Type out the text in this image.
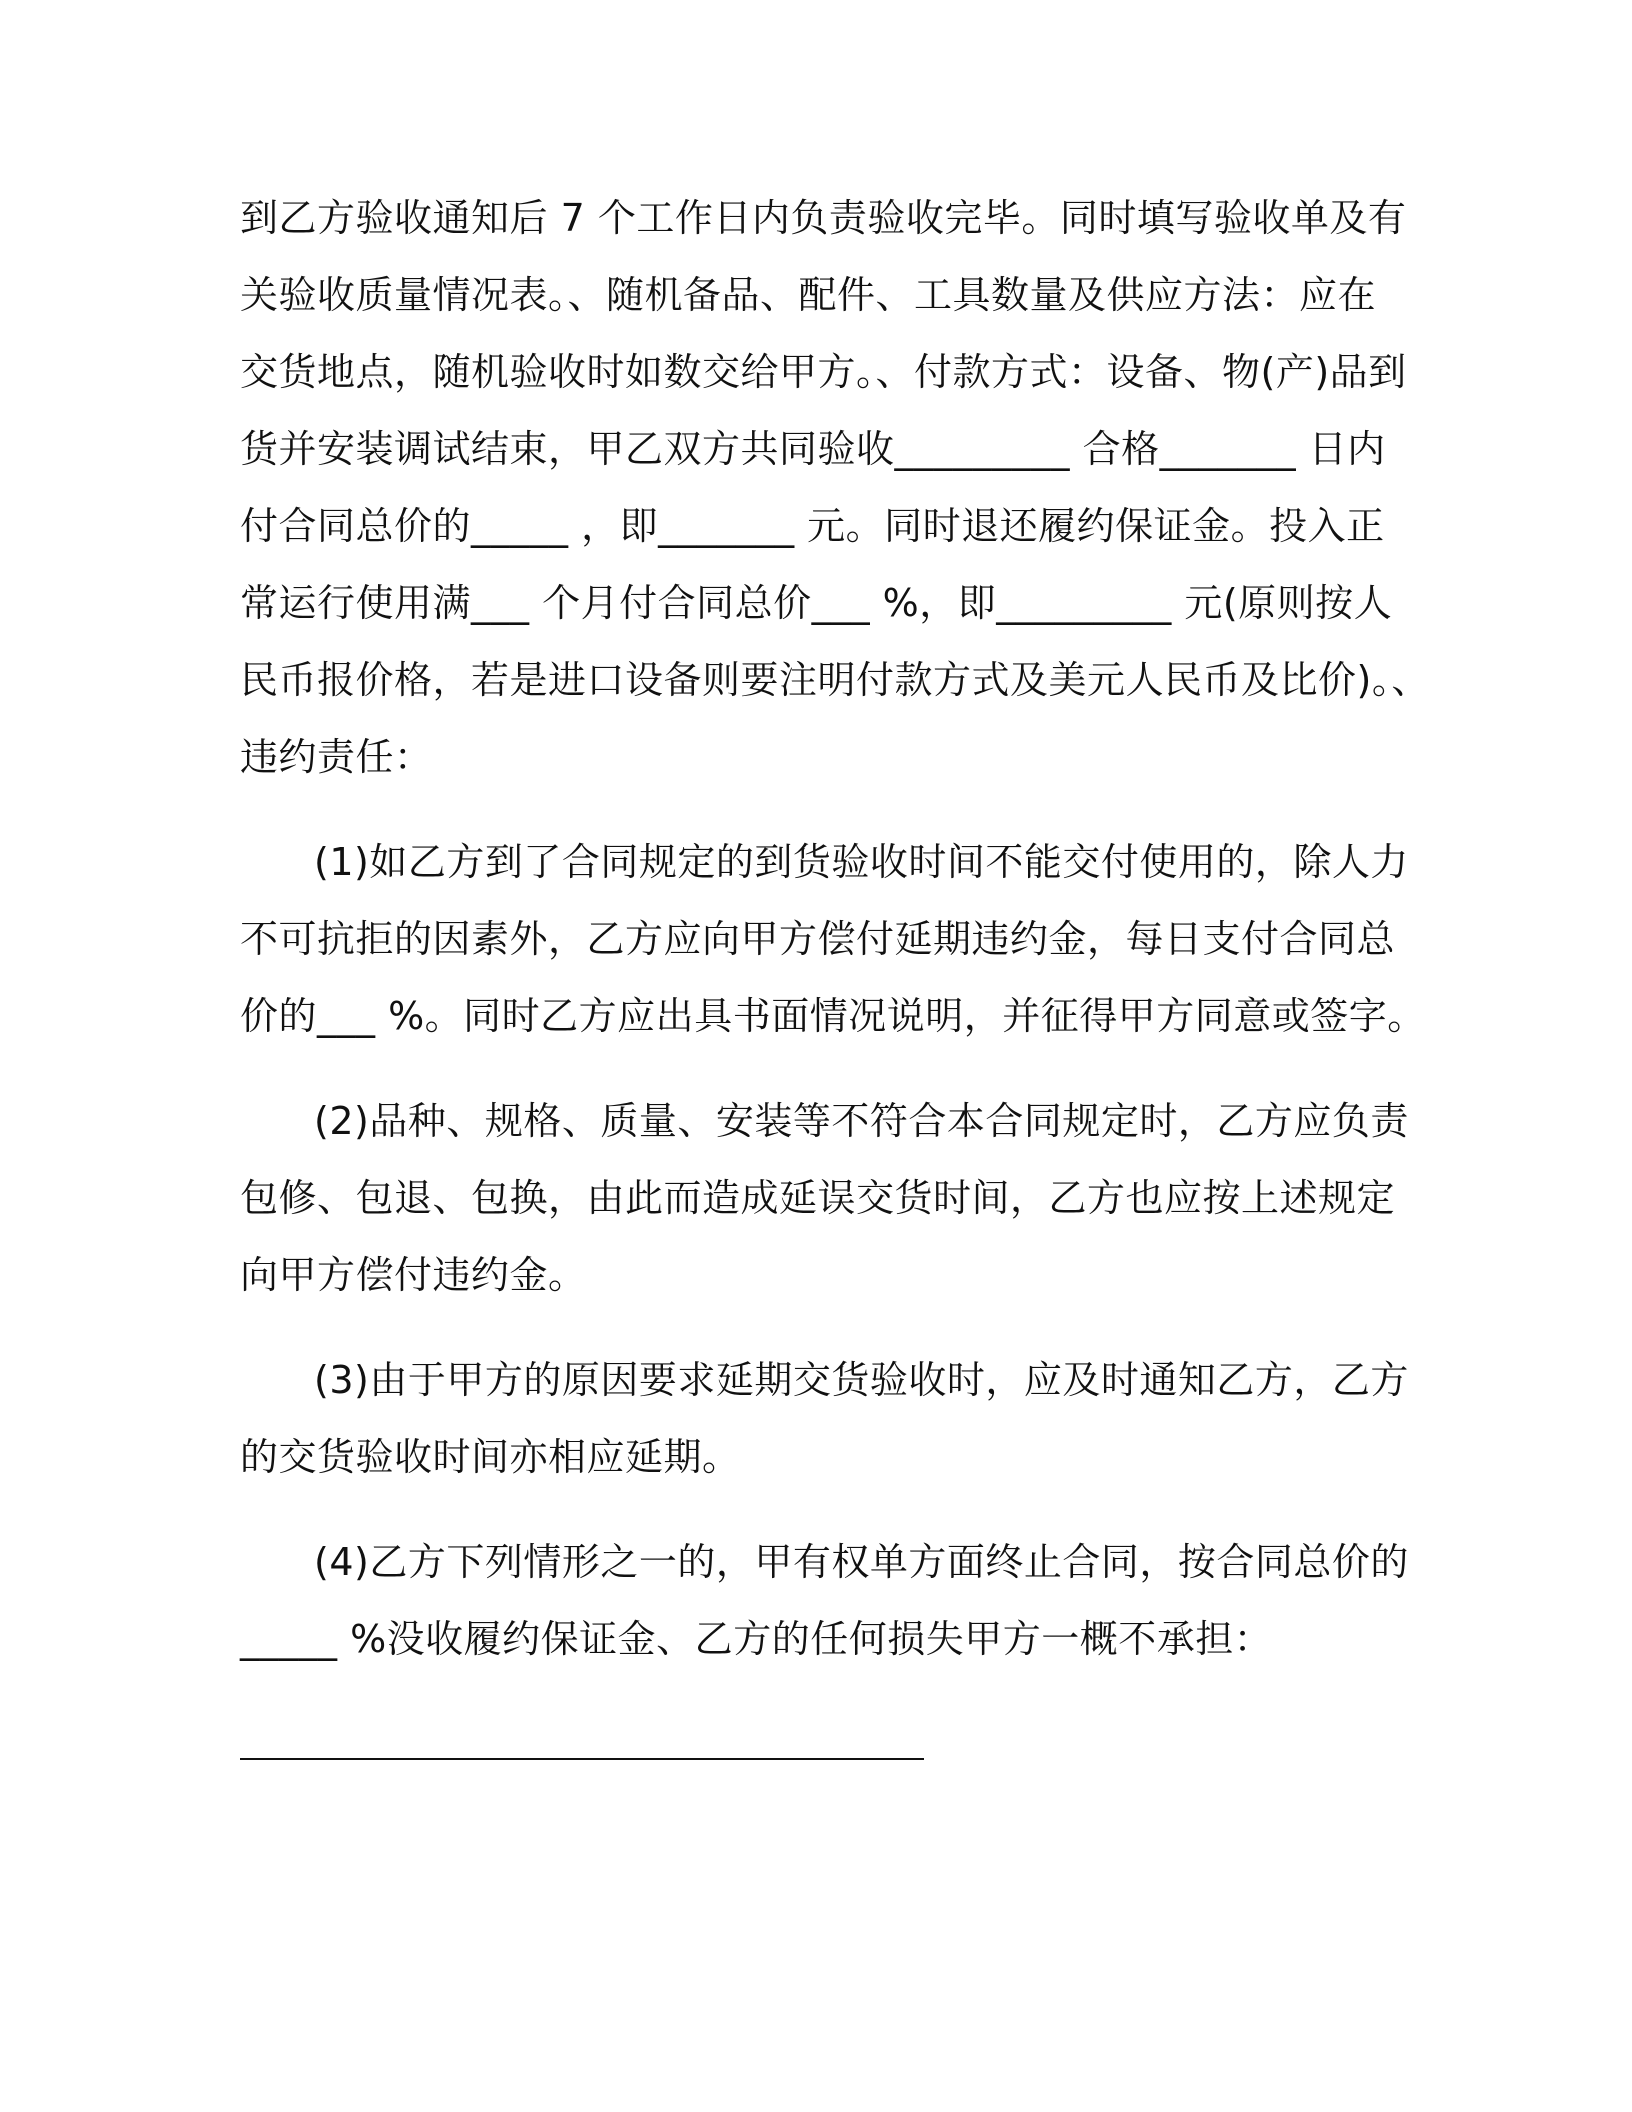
到乙方验收通知后 7 个工作日内负责验收完毕。同时填写验收单及有
关验收质量情况表。、随机备品、配件、工具数量及供应方法：应在
交货地点，随机验收时如数交给甲方。、付款方式：设备、物(产)品到
货并安装调试结束，甲乙双方共同验收_________ 合格_______ 日内
付合同总价的_____ ，即_______ 元。同时退还履约保证金。投入正
常运行使用满___ 个月付合同总价___ %，即_________ 元(原则按人
民币报价格，若是进口设备则要注明付款方式及美元人民币及比价)。、
违约责任：
(1)如乙方到了合同规定的到货验收时间不能交付使用的，除人力
不可抗拒的因素外，乙方应向甲方偿付延期违约金，每日支付合同总
价的___ %。同时乙方应出具书面情况说明，并征得甲方同意或签字。
(2)品种、规格、质量、安装等不符合本合同规定时，乙方应负责
包修、包退、包换，由此而造成延误交货时间，乙方也应按上述规定
向甲方偿付违约金。
(3)由于甲方的原因要求延期交货验收时，应及时通知乙方，乙方
的交货验收时间亦相应延期。
(4)乙方下列情形之一的，甲有权单方面终止合同，按合同总价的
_____ %没收履约保证金、乙方的任何损失甲方一概不承担：
